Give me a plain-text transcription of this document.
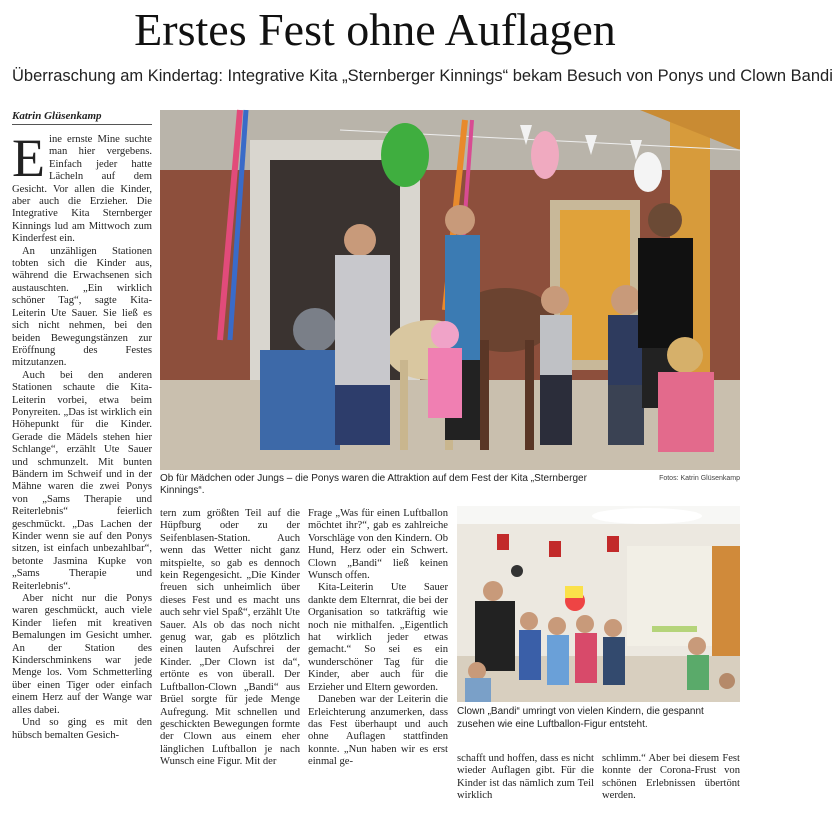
Erstes Fest ohne Auflagen
Überraschung am Kindertag: Integrative Kita „Sternberger Kinnings“ bekam Besuch von Ponys und Clown Bandi
Katrin Glüsenkamp

Eine ernste Mine suchte man hier vergebens. Einfach jeder hatte Lächeln auf dem Gesicht. Vor allen die Kinder, aber auch die Erzieher. Die Integrative Kita Sternberger Kinnings lud am Mittwoch zum Kinderfest ein.

An unzähligen Stationen tobten sich die Kinder aus, während die Erwachsenen sich austauschten. „Ein wirklich schöner Tag“, sagte Kita-Leiterin Ute Sauer. Sie ließ es sich nicht nehmen, bei den beiden Bewegungstänzen zur Eröffnung des Festes mitzutanzen.

Auch bei den anderen Stationen schaute die Kita-Leiterin vorbei, etwa beim Ponyreiten. „Das ist wirklich ein Höhepunkt für die Kinder. Gerade die Mädels stehen hier Schlange“, erzählt Ute Sauer und schmunzelt. Mit bunten Bändern im Schweif und in der Mähne waren die zwei Ponys von „Sams Therapie und Reiterlebnis“ feierlich geschmückt. „Das Lachen der Kinder wenn sie auf den Ponys sitzen, ist einfach unbezahlbar“, betonte Jasmina Kupke von „Sams Therapie und Reiterlebnis“.

Aber nicht nur die Ponys waren geschmückt, auch viele Kinder liefen mit kreativen Bemalungen im Gesicht umher. An der Station des Kinderschminkens war jede Menge los. Vom Schmetterling über einen Tiger oder einfach einem Herz auf der Wange war alles dabei.

Und so ging es mit den hübsch bemalten Gesich-

Ob für Mädchen oder Jungs – die Ponys waren die Attraktion auf dem Fest der Kita „Sternberger Kinnings“.
Fotos: Katrin Glüsenkamp

tern zum größten Teil auf die Hüpfburg oder zu der Seifenblasen-Station. Auch wenn das Wetter nicht ganz mitspielte, so gab es dennoch kein Regengesicht. „Die Kinder freuen sich unheimlich über dieses Fest und es macht uns auch sehr viel Spaß“, erzählt Ute Sauer. Als ob das noch nicht genug war, gab es plötzlich einen lauten Aufschrei der Kinder. „Der Clown ist da“, ertönte es von überall. Der Luftballon-Clown „Bandi“ aus Brüel sorgte für jede Menge Aufregung. Mit schnellen und geschickten Bewegungen formte der Clown aus einem eher länglichen Luftballon je nach Wunsch eine Figur. Mit der

Frage „Was für einen Luftballon möchtet ihr?“, gab es zahlreiche Vorschläge von den Kindern. Ob Hund, Herz oder ein Schwert. Clown „Bandi“ ließ keinen Wunsch offen.

Kita-Leiterin Ute Sauer dankte dem Elternrat, die bei der Organisation so tatkräftig wie noch nie mithalfen. „Eigentlich hat wirklich jeder etwas gemacht.“ So sei es ein wunderschöner Tag für die Kinder, aber auch für die Erzieher und Eltern geworden.

Daneben war der Leiterin die Erleichterung anzumerken, dass das Fest überhaupt und auch ohne Auflagen stattfinden konnte. „Nun haben wir es erst einmal ge-

Clown „Bandi“ umringt von vielen Kindern, die gespannt zusehen wie eine Luftballon-Figur entsteht.

schafft und hoffen, dass es nicht wieder Auflagen gibt. Für die Kinder ist das nämlich zum Teil wirklich

schlimm.“ Aber bei diesem Fest konnte der Corona-Frust von schönen Erlebnissen übertönt werden.
